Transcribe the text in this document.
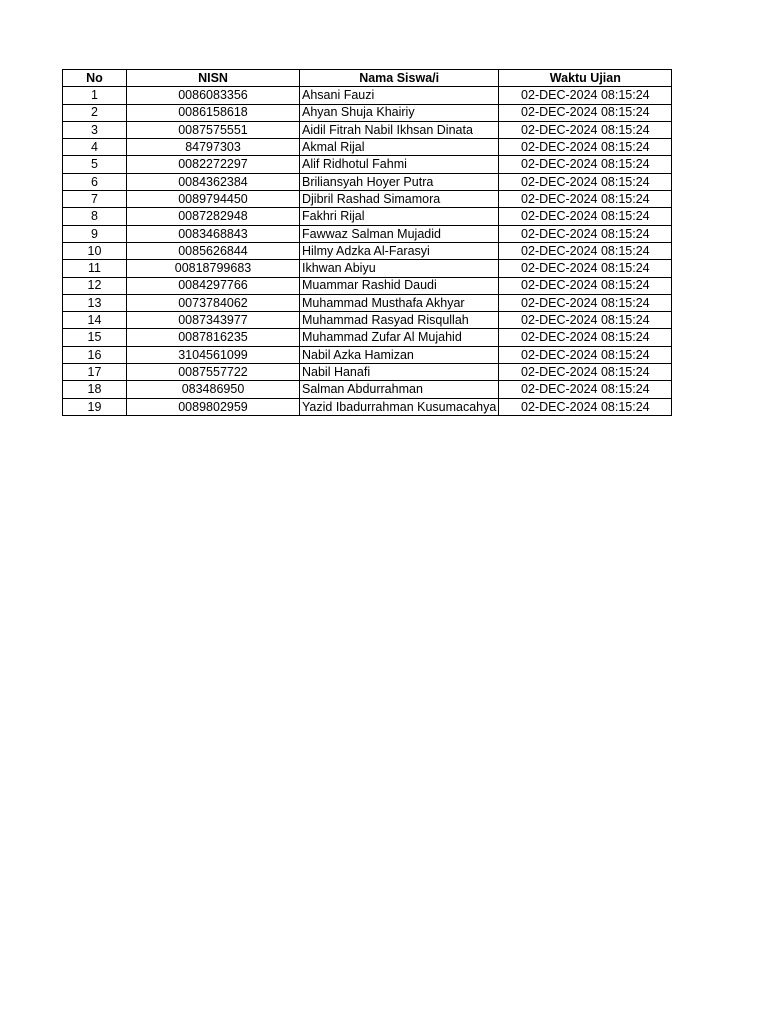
No	NISN	Nama Siswa/i	Waktu Ujian
1	0086083356	Ahsani Fauzi	02-DEC-2024 08:15:24
2	0086158618	Ahyan Shuja Khairiy	02-DEC-2024 08:15:24
3	0087575551	Aidil Fitrah Nabil Ikhsan Dinata	02-DEC-2024 08:15:24
4	84797303	Akmal Rijal	02-DEC-2024 08:15:24
5	0082272297	Alif Ridhotul Fahmi	02-DEC-2024 08:15:24
6	0084362384	Briliansyah Hoyer Putra	02-DEC-2024 08:15:24
7	0089794450	Djibril Rashad Simamora	02-DEC-2024 08:15:24
8	0087282948	Fakhri Rijal	02-DEC-2024 08:15:24
9	0083468843	Fawwaz Salman Mujadid	02-DEC-2024 08:15:24
10	0085626844	Hilmy Adzka Al-Farasyi	02-DEC-2024 08:15:24
11	00818799683	Ikhwan Abiyu	02-DEC-2024 08:15:24
12	0084297766	Muammar Rashid Daudi	02-DEC-2024 08:15:24
13	0073784062	Muhammad Musthafa Akhyar	02-DEC-2024 08:15:24
14	0087343977	Muhammad Rasyad Risqullah	02-DEC-2024 08:15:24
15	0087816235	Muhammad Zufar Al Mujahid	02-DEC-2024 08:15:24
16	3104561099	Nabil Azka Hamizan	02-DEC-2024 08:15:24
17	0087557722	Nabil Hanafi	02-DEC-2024 08:15:24
18	083486950	Salman Abdurrahman	02-DEC-2024 08:15:24
19	0089802959	Yazid Ibadurrahman Kusumacahya	02-DEC-2024 08:15:24
